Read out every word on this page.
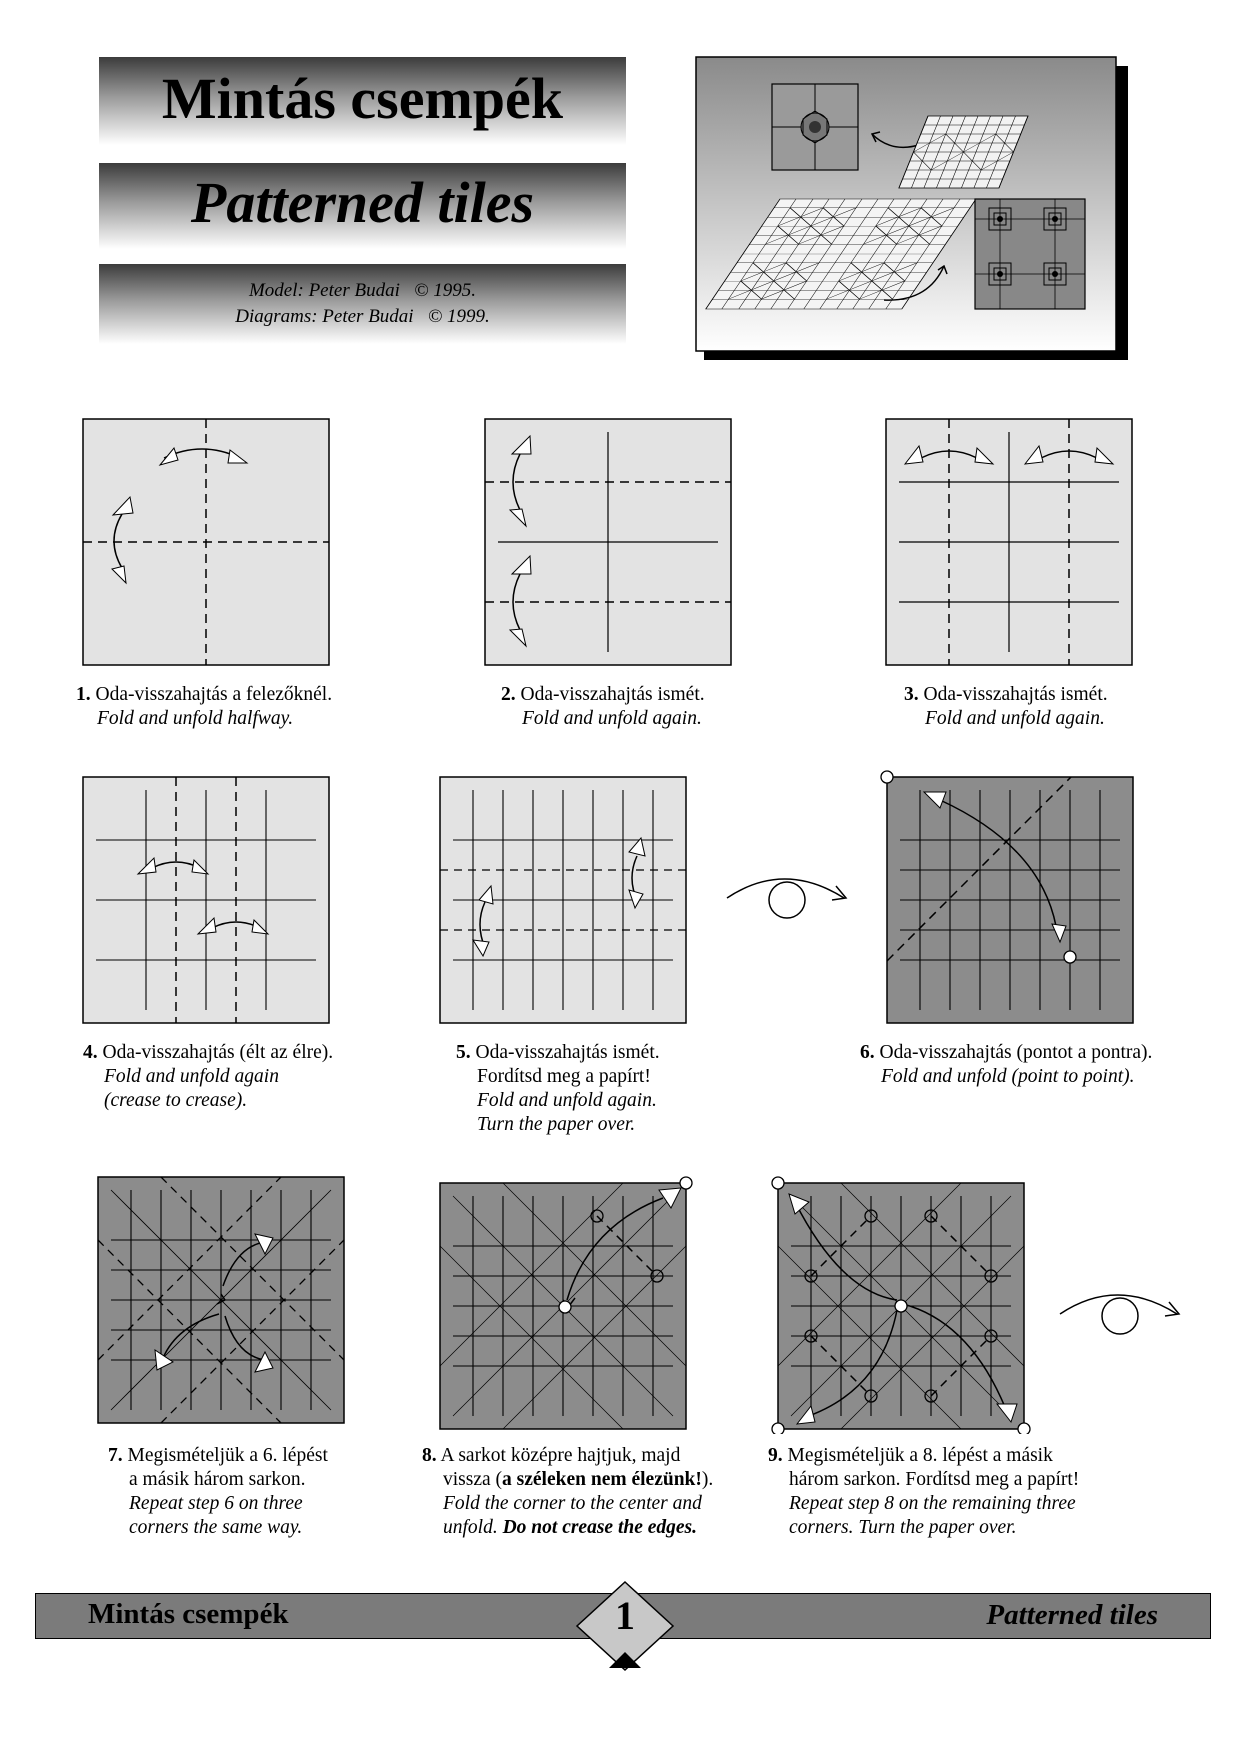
Mintás csempék
Patterned tiles
Model: Peter Budai   © 1995.
Diagrams: Peter Budai   © 1999.
1. Oda-visszahajtás a felezőknél.
Fold and unfold halfway.
2. Oda-visszahajtás ismét.
Fold and unfold again.
3. Oda-visszahajtás ismét.
Fold and unfold again.
4. Oda-visszahajtás (élt az élre).
Fold and unfold again
(crease to crease).
5. Oda-visszahajtás ismét.
Fordítsd meg a papírt!
Fold and unfold again.
Turn the paper over.
6. Oda-visszahajtás (pontot a pontra).
Fold and unfold (point to point).
7. Megismételjük a 6. lépést
a másik három sarkon.
Repeat step 6 on three
corners the same way.
8. A sarkot középre hajtjuk, majd
vissza (a széleken nem élezünk!).
Fold the corner to the center and
unfold. Do not crease the edges.
9. Megismételjük a 8. lépést a másik
három sarkon. Fordítsd meg a papírt!
Repeat step 8 on the remaining three
corners. Turn the paper over.
Mintás csempék	Patterned tiles
1
